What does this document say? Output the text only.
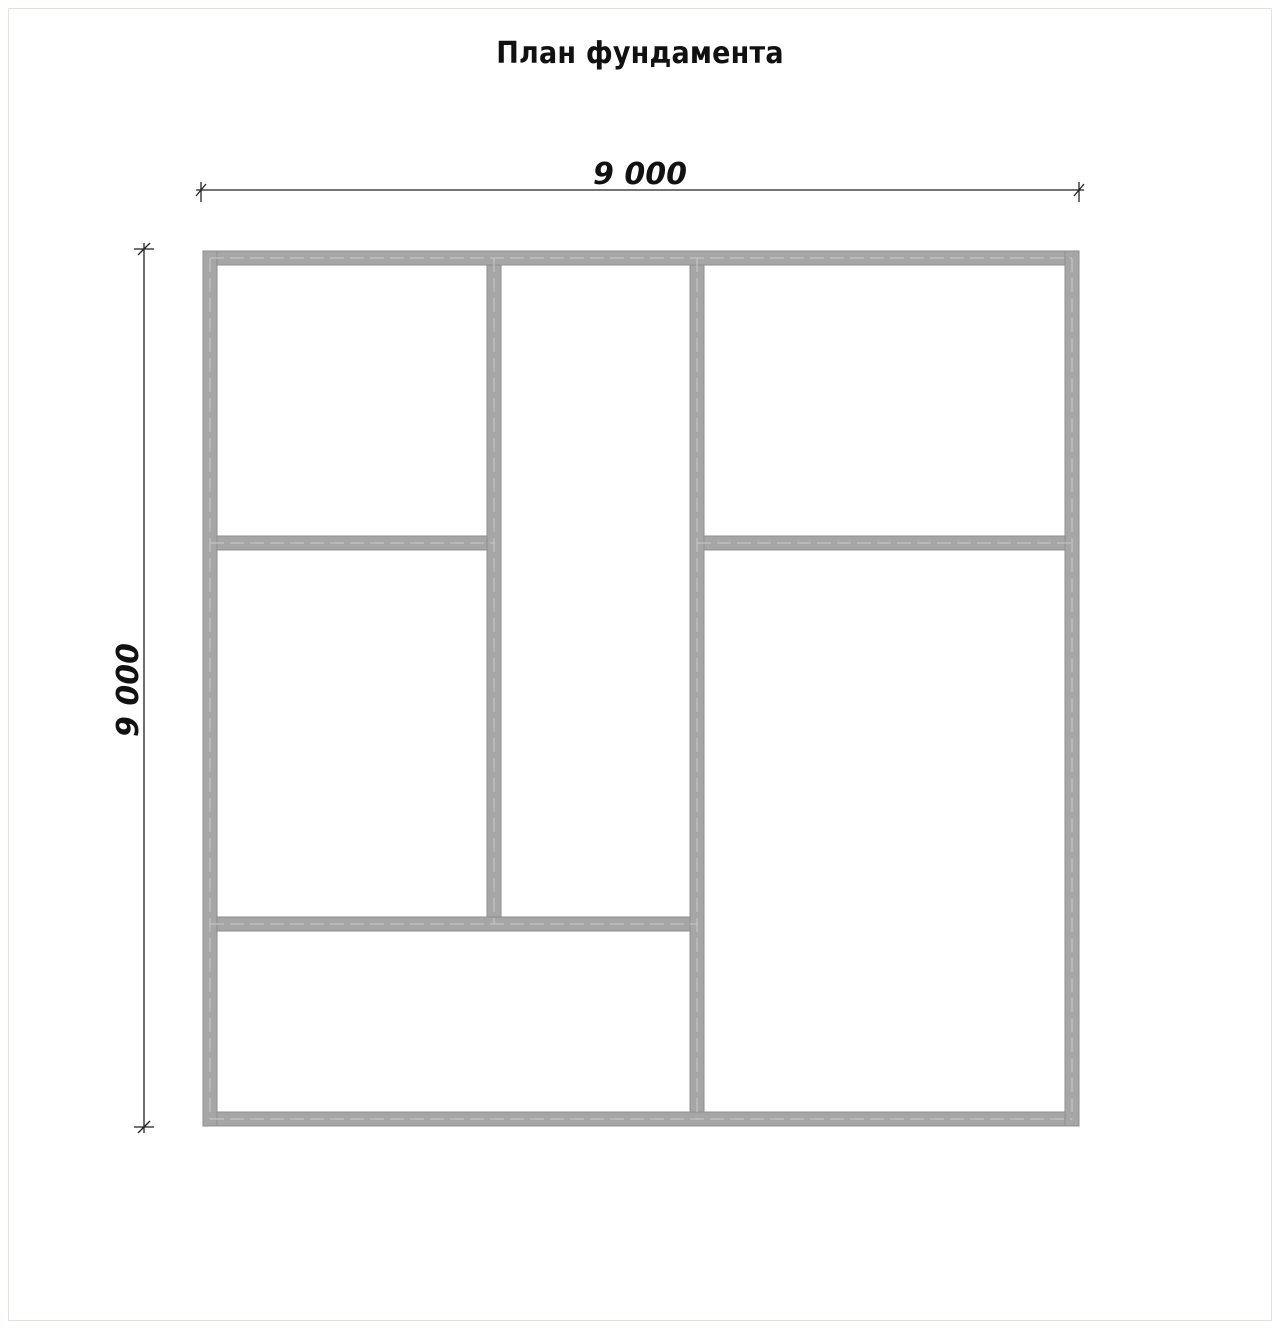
План фундамента
9 000
9 000
